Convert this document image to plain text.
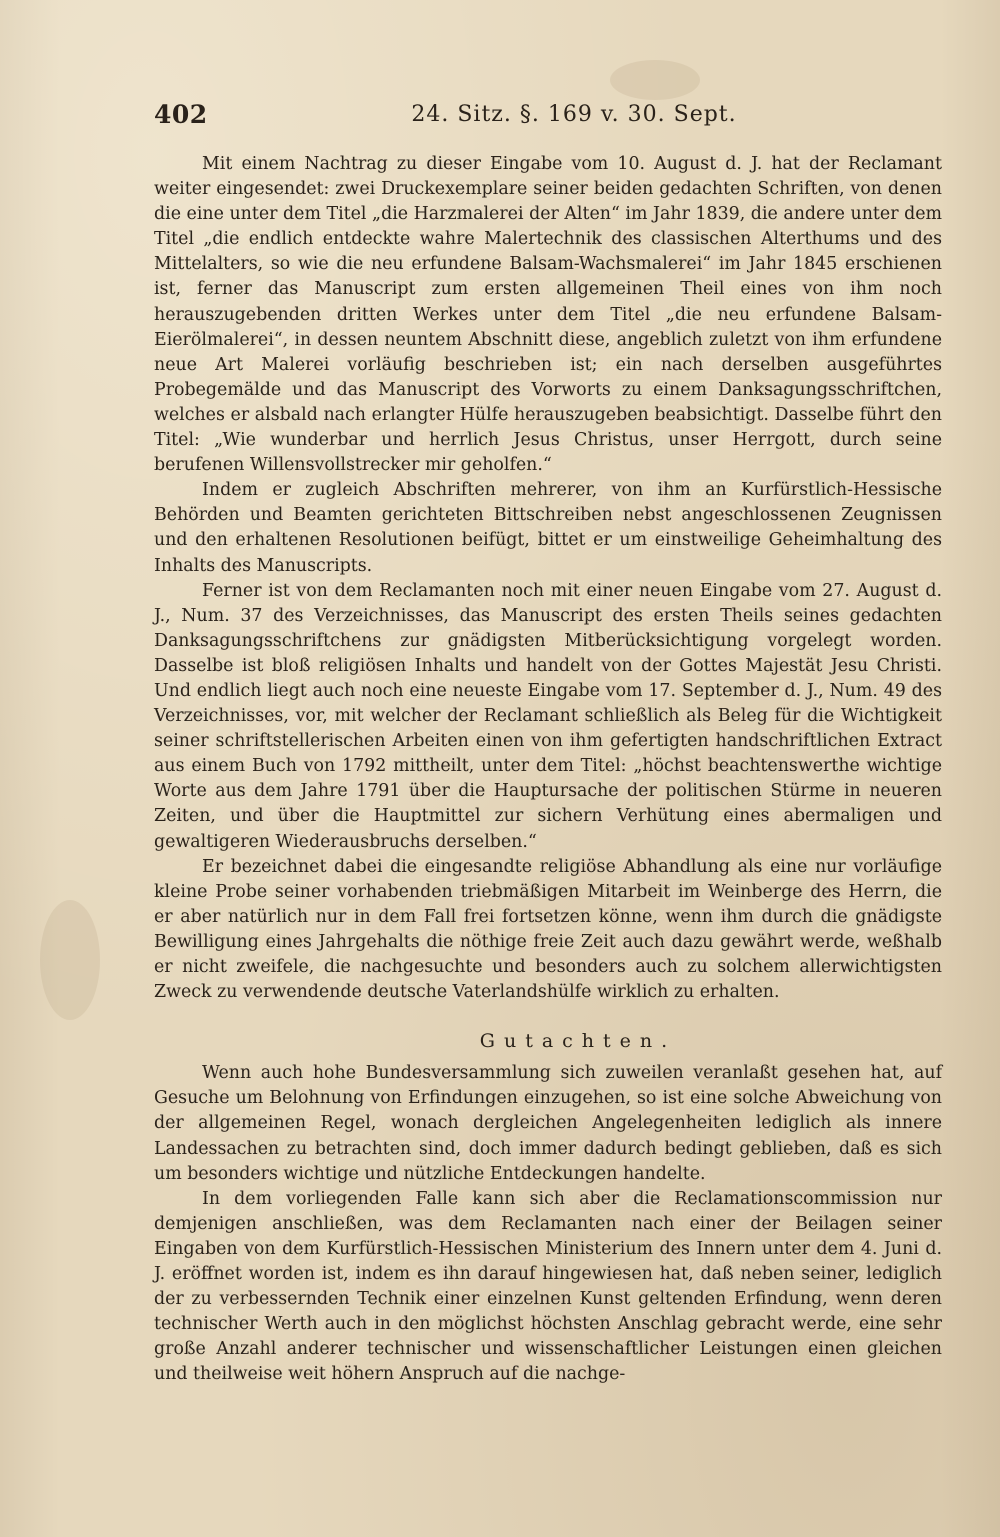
402	24. Sitz. §. 169 v. 30. Sept.

Mit einem Nachtrag zu dieser Eingabe vom 10. August d. J. hat der Reclamant weiter eingesendet: zwei Druckexemplare seiner beiden gedachten Schriften, von denen die eine unter dem Titel „die Harzmalerei der Alten“ im Jahr 1839, die andere unter dem Titel „die endlich entdeckte wahre Malertechnik des classischen Alterthums und des Mittelalters, so wie die neu erfundene Balsam-Wachsmalerei“ im Jahr 1845 erschienen ist, ferner das Manuscript zum ersten allgemeinen Theil eines von ihm noch herauszugebenden dritten Werkes unter dem Titel „die neu erfundene Balsam-Eierölmalerei“, in dessen neuntem Abschnitt diese, angeblich zuletzt von ihm erfundene neue Art Malerei vorläufig beschrieben ist; ein nach derselben ausgeführtes Probegemälde und das Manuscript des Vorworts zu einem Danksagungsschriftchen, welches er alsbald nach erlangter Hülfe herauszugeben beabsichtigt. Dasselbe führt den Titel: „Wie wunderbar und herrlich Jesus Christus, unser Herrgott, durch seine berufenen Willensvollstrecker mir geholfen.“

Indem er zugleich Abschriften mehrerer, von ihm an Kurfürstlich-Hessische Behörden und Beamten gerichteten Bittschreiben nebst angeschlossenen Zeugnissen und den erhaltenen Resolutionen beifügt, bittet er um einstweilige Geheimhaltung des Inhalts des Manuscripts.

Ferner ist von dem Reclamanten noch mit einer neuen Eingabe vom 27. August d. J., Num. 37 des Verzeichnisses, das Manuscript des ersten Theils seines gedachten Danksagungsschriftchens zur gnädigsten Mitberücksichtigung vorgelegt worden. Dasselbe ist bloß religiösen Inhalts und handelt von der Gottes Majestät Jesu Christi. Und endlich liegt auch noch eine neueste Eingabe vom 17. September d. J., Num. 49 des Verzeichnisses, vor, mit welcher der Reclamant schließlich als Beleg für die Wichtigkeit seiner schriftstellerischen Arbeiten einen von ihm gefertigten handschriftlichen Extract aus einem Buch von 1792 mittheilt, unter dem Titel: „höchst beachtenswerthe wichtige Worte aus dem Jahre 1791 über die Hauptursache der politischen Stürme in neueren Zeiten, und über die Hauptmittel zur sichern Verhütung eines abermaligen und gewaltigeren Wiederausbruchs derselben.“

Er bezeichnet dabei die eingesandte religiöse Abhandlung als eine nur vorläufige kleine Probe seiner vorhabenden triebmäßigen Mitarbeit im Weinberge des Herrn, die er aber natürlich nur in dem Fall frei fortsetzen könne, wenn ihm durch die gnädigste Bewilligung eines Jahrgehalts die nöthige freie Zeit auch dazu gewährt werde, weßhalb er nicht zweifele, die nachgesuchte und besonders auch zu solchem allerwichtigsten Zweck zu verwendende deutsche Vaterlandshülfe wirklich zu erhalten.

Gutachten.

Wenn auch hohe Bundesversammlung sich zuweilen veranlaßt gesehen hat, auf Gesuche um Belohnung von Erfindungen einzugehen, so ist eine solche Abweichung von der allgemeinen Regel, wonach dergleichen Angelegenheiten lediglich als innere Landessachen zu betrachten sind, doch immer dadurch bedingt geblieben, daß es sich um besonders wichtige und nützliche Entdeckungen handelte.

In dem vorliegenden Falle kann sich aber die Reclamationscommission nur demjenigen anschließen, was dem Reclamanten nach einer der Beilagen seiner Eingaben von dem Kurfürstlich-Hessischen Ministerium des Innern unter dem 4. Juni d. J. eröffnet worden ist, indem es ihn darauf hingewiesen hat, daß neben seiner, lediglich der zu verbessernden Technik einer einzelnen Kunst geltenden Erfindung, wenn deren technischer Werth auch in den möglichst höchsten Anschlag gebracht werde, eine sehr große Anzahl anderer technischer und wissenschaftlicher Leistungen einen gleichen und theilweise weit höhern Anspruch auf die nachge-
